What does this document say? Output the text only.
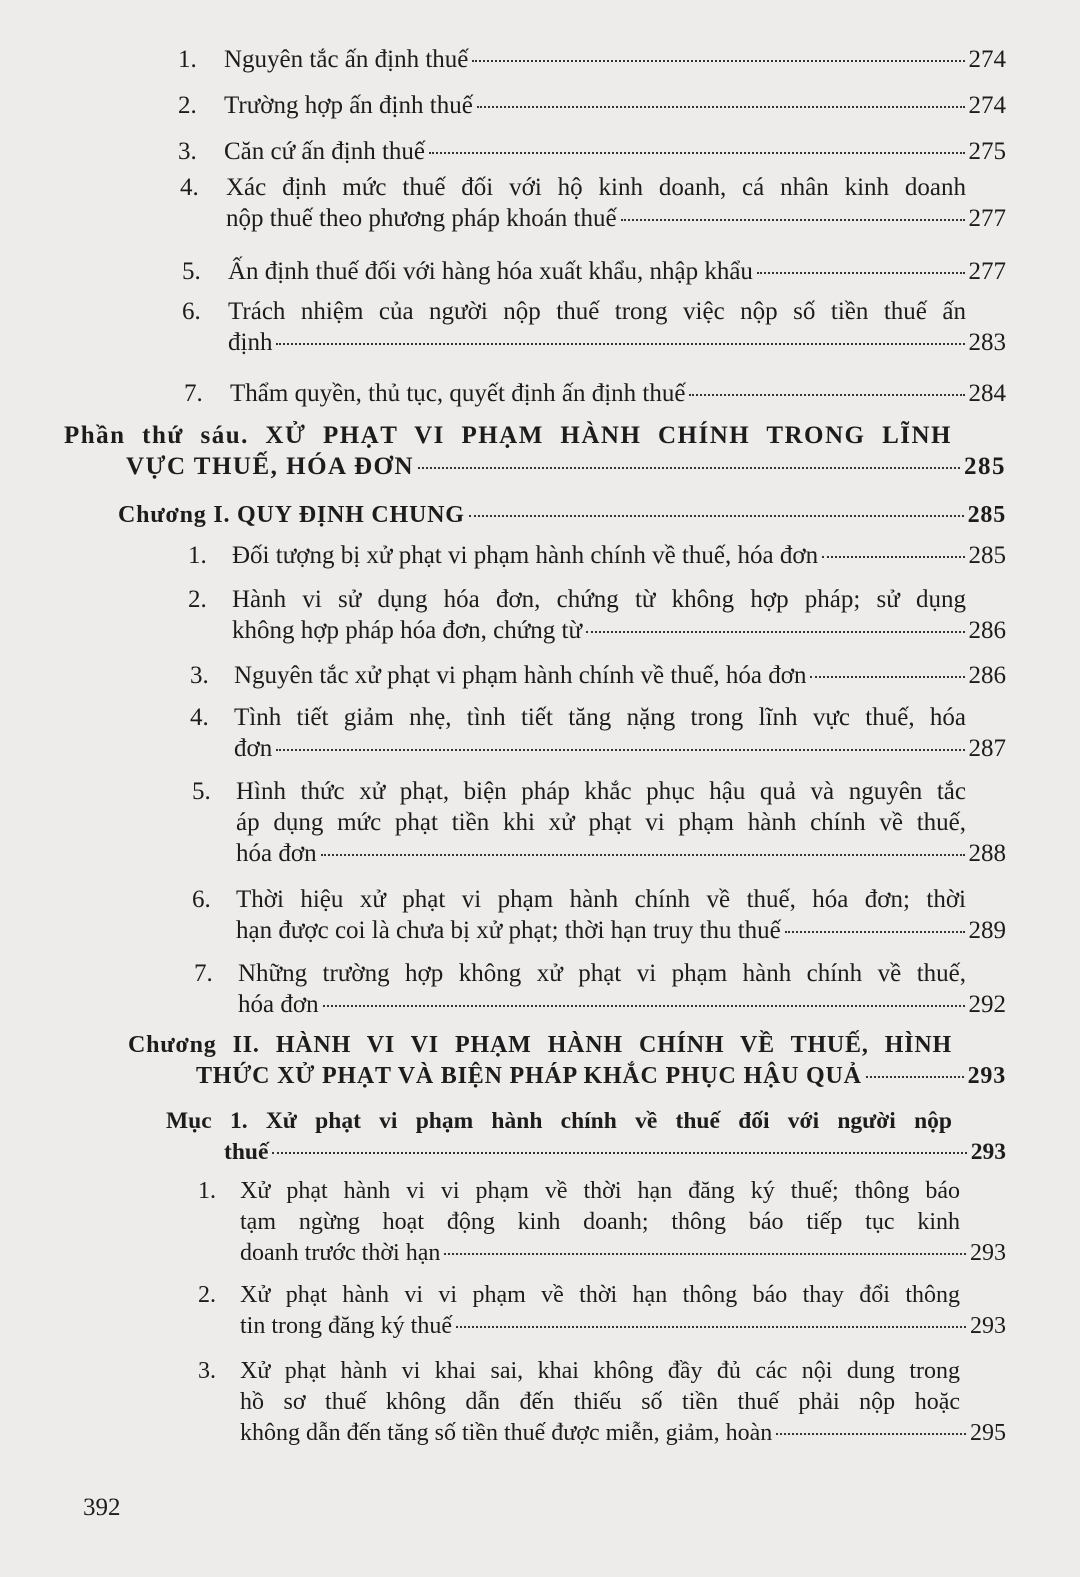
1.	Nguyên tắc ấn định thuế	274
2.	Trường hợp ấn định thuế	274
3.	Căn cứ ấn định thuế	275
4.	Xác định mức thuế đối với hộ kinh doanh, cá nhân kinh doanh
nộp thuế theo phương pháp khoán thuế	277
5.	Ấn định thuế đối với hàng hóa xuất khẩu, nhập khẩu	277
6.	Trách nhiệm của người nộp thuế trong việc nộp số tiền thuế ấn
định	283
7.	Thẩm quyền, thủ tục, quyết định ấn định thuế	284
Phần thứ sáu. XỬ PHẠT VI PHẠM HÀNH CHÍNH TRONG LĨNH
VỰC THUẾ, HÓA ĐƠN	285
Chương I. QUY ĐỊNH CHUNG	285
1.	Đối tượng bị xử phạt vi phạm hành chính về thuế, hóa đơn	285
2.	Hành vi sử dụng hóa đơn, chứng từ không hợp pháp; sử dụng
không hợp pháp hóa đơn, chứng từ	286
3.	Nguyên tắc xử phạt vi phạm hành chính về thuế, hóa đơn	286
4.	Tình tiết giảm nhẹ, tình tiết tăng nặng trong lĩnh vực thuế, hóa
đơn	287
5.	Hình thức xử phạt, biện pháp khắc phục hậu quả và nguyên tắc
áp dụng mức phạt tiền khi xử phạt vi phạm hành chính về thuế,
hóa đơn	288
6.	Thời hiệu xử phạt vi phạm hành chính về thuế, hóa đơn; thời
hạn được coi là chưa bị xử phạt; thời hạn truy thu thuế	289
7.	Những trường hợp không xử phạt vi phạm hành chính về thuế,
hóa đơn	292
Chương II. HÀNH VI VI PHẠM HÀNH CHÍNH VỀ THUẾ, HÌNH
THỨC XỬ PHẠT VÀ BIỆN PHÁP KHẮC PHỤC HẬU QUẢ	293
Mục 1. Xử phạt vi phạm hành chính về thuế đối với người nộp
thuế	293
1.	Xử phạt hành vi vi phạm về thời hạn đăng ký thuế; thông báo
tạm ngừng hoạt động kinh doanh; thông báo tiếp tục kinh
doanh trước thời hạn	293
2.	Xử phạt hành vi vi phạm về thời hạn thông báo thay đổi thông
tin trong đăng ký thuế	293
3.	Xử phạt hành vi khai sai, khai không đầy đủ các nội dung trong
hồ sơ thuế không dẫn đến thiếu số tiền thuế phải nộp hoặc
không dẫn đến tăng số tiền thuế được miễn, giảm, hoàn	295
392
